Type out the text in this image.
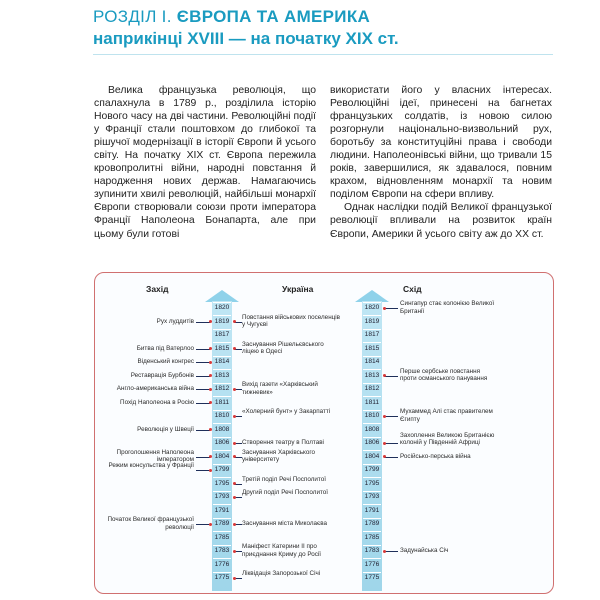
РОЗДІЛ І. ЄВРОПА ТА АМЕРИКА
наприкінці XVIII — на початку XIX ст.

Велика французька революція, що спалахнула в 1789 р., розділила історію Нового часу на дві частини. Революційні події у Франції стали поштовхом до глибокої та рішучої модернізації в історії Європи й усього світу. На початку XIX ст. Європа пережила кровопролитні війни, народні повстання й народження нових держав. Намагаючись зупинити хвилі революцій, найбільші монархії Європи створювали союзи проти імператора Франції Наполеона Бонапарта, але при цьому були готові

використати його у власних інтересах. Революційні ідеї, принесені на багнетах французьких солдатів, із новою силою розгорнули національно-визвольний рух, боротьбу за конституційні права і свободи людини. Наполеонівські війни, що тривали 15 років, завершилися, як здавалося, повним крахом, відновленням монархії та новим поділом Європи на сфери впливу.

Однак наслідки подій Великої французької революції впливали на розвиток країн Європи, Америки й усього світу аж до XX ст.

Захід	Україна	Схід
1820
1819
1817
1815
1814
1813
1812
1811
1810
1808
1806
1804
1799
1795
1793
1791
1789
1785
1783
1776
1775
1820
1819
1817
1815
1814
1813
1812
1811
1810
1808
1806
1804
1799
1795
1793
1791
1789
1785
1783
1776
1775
Рух луддитів
Битва під Ватерлоо
Віденський конгрес
Реставрація Бурбонів
Англо-американська війна
Похід Наполеона в Росію
Революція у Швеції
Проголошення Наполеона імператором
Режим консульства у Франції
Початок Великої французької революції
Повстання військових поселенців у Чугуєві
Заснування Рішельєвського ліцею в Одесі
Вихід газети «Харківський тижневик»
«Холерний бунт» у Закарпатті
Створення театру в Полтаві
Заснування Харківського університету
Третій поділ Речі Посполитої
Другий поділ Речі Посполитої
Заснування міста Миколаєва
Маніфест Катерини II про приєднання Криму до Росії
Ліквідація Запорозької Січі
Сингапур стає колонією Великої Британії
Перше сербське повстання проти османського панування
Мухаммед Алі стає правителем Єгипту
Захоплення Великою Британією колоній у Південній Африці
Російсько-перська війна
Задунайська Січ
